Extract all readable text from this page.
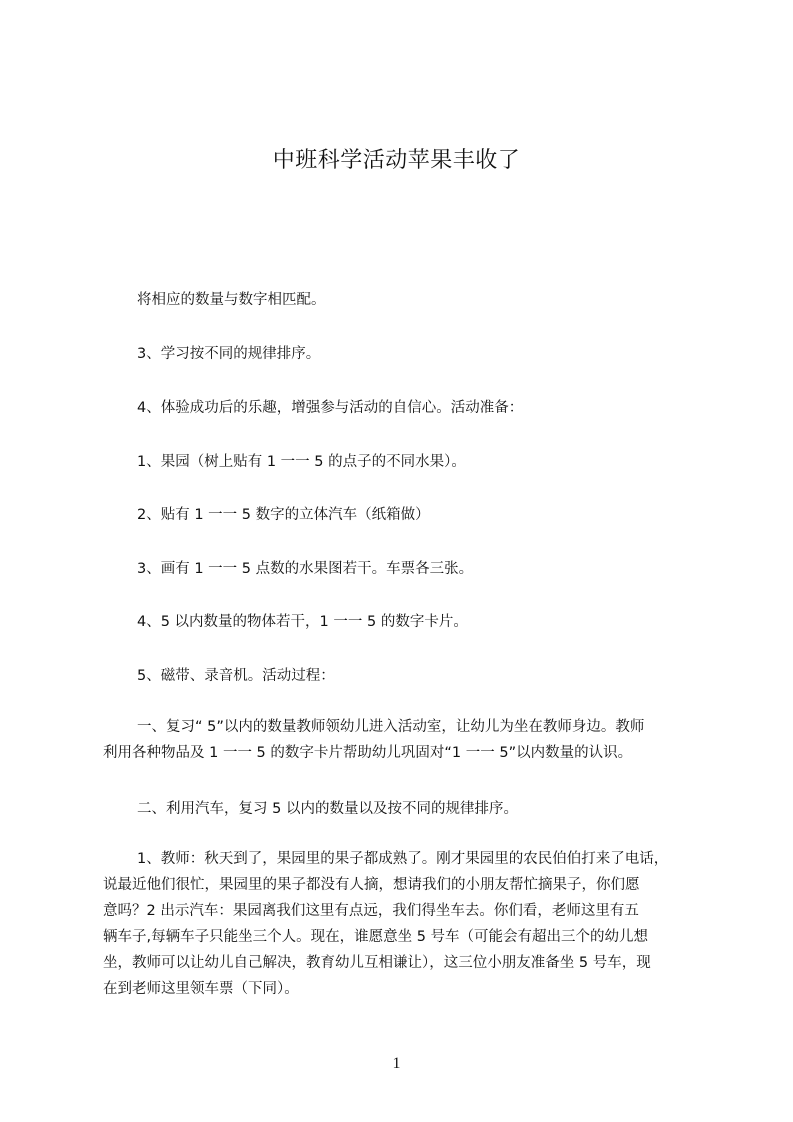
中班科学活动苹果丰收了

将相应的数量与数字相匹配。

3、学习按不同的规律排序。

4、体验成功后的乐趣，增强参与活动的自信心。活动准备：

1、果园（树上贴有 1 一一 5 的点子的不同水果）。

2、贴有 1 一一 5 数字的立体汽车（纸箱做）

3、画有 1 一一 5 点数的水果图若干。车票各三张。

4、5 以内数量的物体若干，1 一一 5 的数字卡片。

5、磁带、录音机。活动过程：

一、复习“ 5”以内的数量教师领幼儿进入活动室，让幼儿为坐在教师身边。教师
利用各种物品及 1 一一 5 的数字卡片帮助幼儿巩固对“1 一一 5”以内数量的认识。

二、利用汽车，复习 5 以内的数量以及按不同的规律排序。

1、教师：秋天到了，果园里的果子都成熟了。刚才果园里的农民伯伯打来了电话，
说最近他们很忙，果园里的果子都没有人摘，想请我们的小朋友帮忙摘果子，你们愿
意吗？2 出示汽车：果园离我们这里有点远，我们得坐车去。你们看，老师这里有五
辆车子,每辆车子只能坐三个人。现在，谁愿意坐 5 号车（可能会有超出三个的幼儿想
坐，教师可以让幼儿自己解决，教育幼儿互相谦让），这三位小朋友准备坐 5 号车，现
在到老师这里领车票（下同）。
1
